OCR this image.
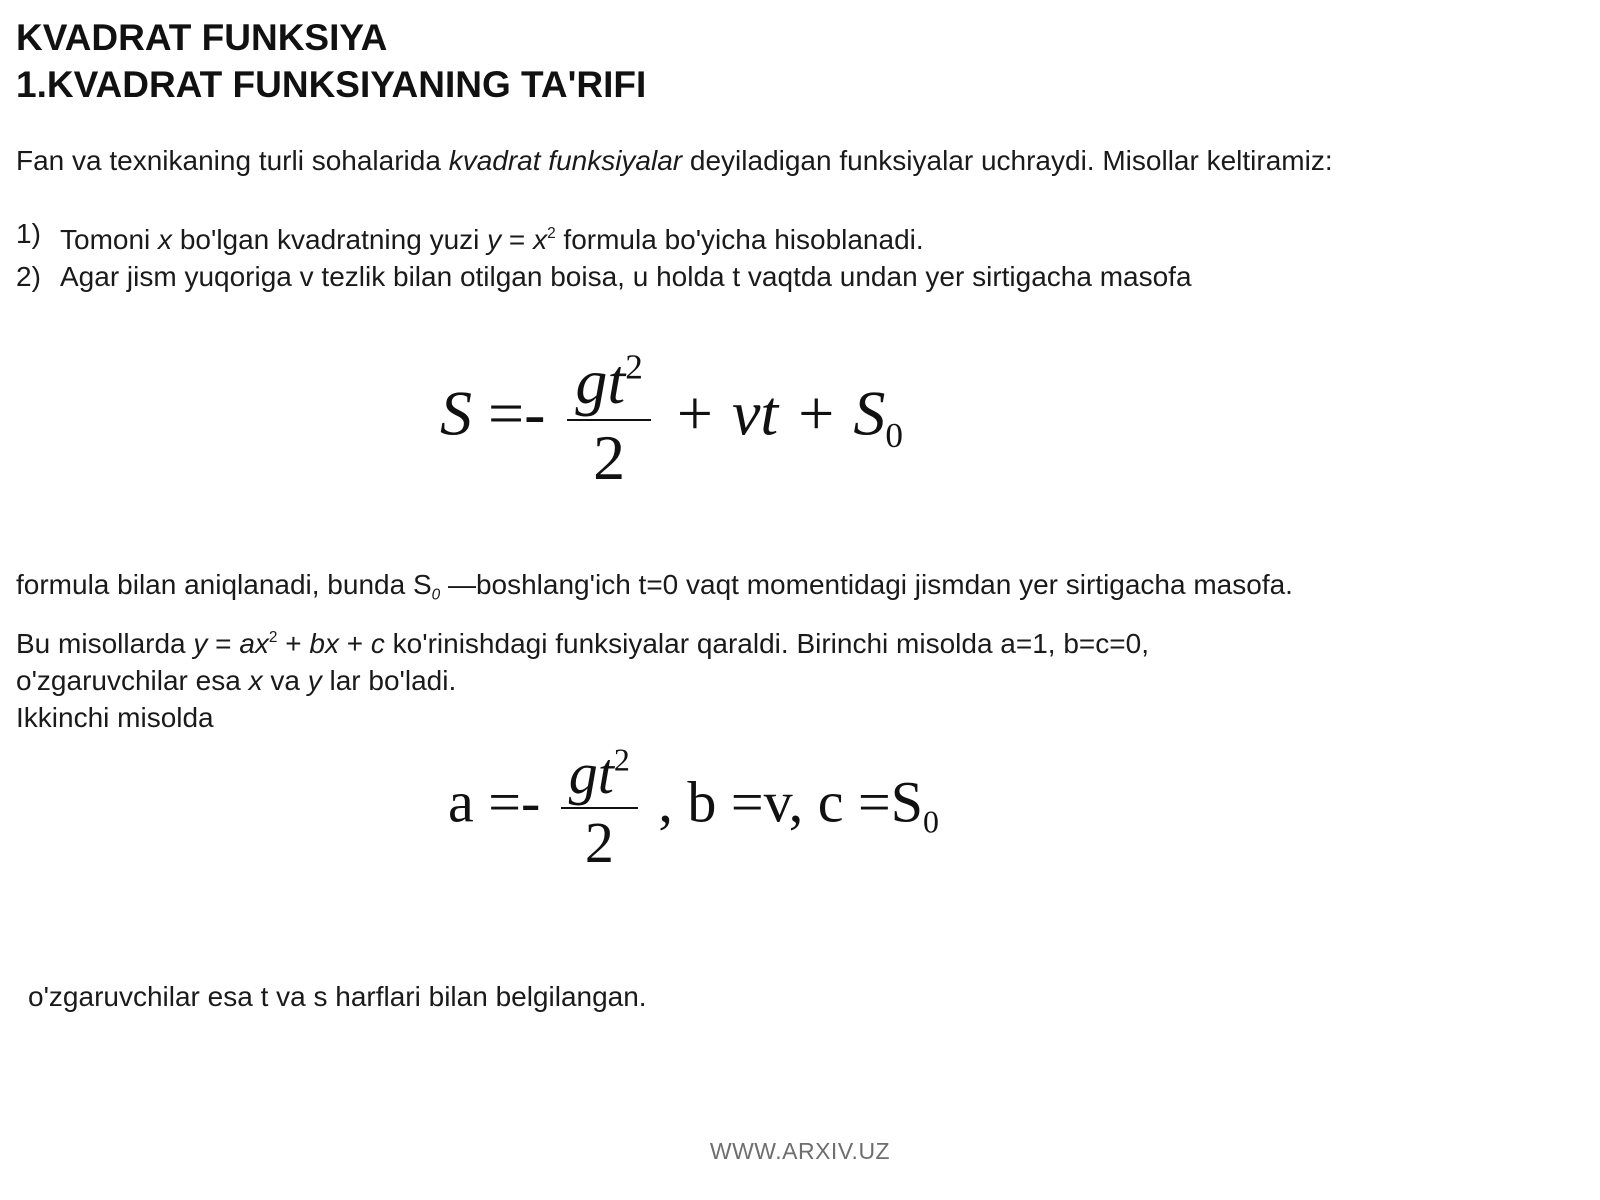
KVADRAT FUNKSIYA
1.KVADRAT FUNKSIYANING TA'RIFI
Fan va texnikaning turli sohalarida kvadrat funksiyalar deyiladigan funksiyalar uchraydi. Misollar keltiramiz:
1) Tomoni x bo'lgan kvadratning yuzi $y = x^2$ formula bo'yicha hisoblanadi.
2) Agar jism yuqoriga v tezlik bilan otilgan boisa, u holda t vaqtda undan yer sirtigacha masofa
$S =- \frac{gt^2}{2}$ + vt + $S_0$
formula bilan aniqlanadi, bunda $S_0$ —boshlang'ich t=0 vaqt momentidagi jismdan yer sirtigacha masofa.
Bu misollarda $y = ax^2$ + bx + c ko'rinishdagi funksiyalar qaraldi. Birinchi misolda a=1, b=c=0,
o'zgaruvchilar esa x va y lar bo'ladi.
Ikkinchi misolda
$a =- \frac{gt^2}{2}$ , b =v, $c =S_0$
o'zgaruvchilar esa t va s harflari bilan belgilangan.
WWW.ARXIV.UZ
